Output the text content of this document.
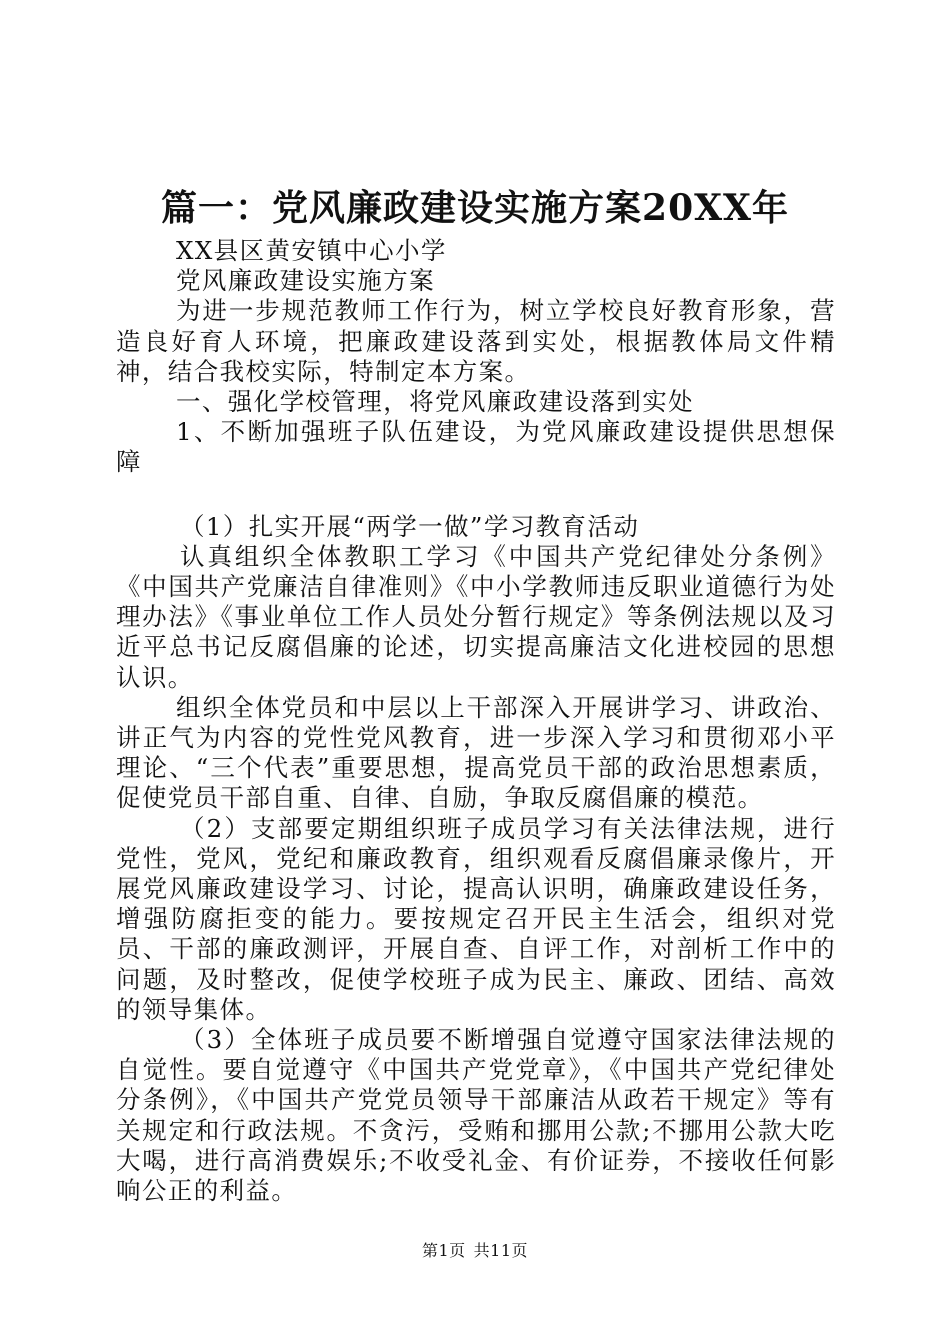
篇一：党风廉政建设实施方案20XX年

XX县区黄安镇中心小学

党风廉政建设实施方案

为进一步规范教师工作行为，树立学校良好教育形象，营造良好育人环境，把廉政建设落到实处，根据教体局文件精神，结合我校实际，特制定本方案。

一、强化学校管理，将党风廉政建设落到实处

1、不断加强班子队伍建设，为党风廉政建设提供思想保障

（1）扎实开展“两学一做”学习教育活动

认真组织全体教职工学习《中国共产党纪律处分条例》《中国共产党廉洁自律准则》《中小学教师违反职业道德行为处理办法》《事业单位工作人员处分暂行规定》等条例法规以及习近平总书记反腐倡廉的论述，切实提高廉洁文化进校园的思想认识。

组织全体党员和中层以上干部深入开展讲学习、讲政治、讲正气为内容的党性党风教育，进一步深入学习和贯彻邓小平理论、“三个代表”重要思想，提高党员干部的政治思想素质，促使党员干部自重、自律、自励，争取反腐倡廉的模范。

（2）支部要定期组织班子成员学习有关法律法规，进行党性，党风，党纪和廉政教育，组织观看反腐倡廉录像片，开展党风廉政建设学习、讨论，提高认识明，确廉政建设任务，增强防腐拒变的能力。要按规定召开民主生活会，组织对党员、干部的廉政测评，开展自查、自评工作，对剖析工作中的问题，及时整改，促使学校班子成为民主、廉政、团结、高效的领导集体。

（3）全体班子成员要不断增强自觉遵守国家法律法规的自觉性。要自觉遵守《中国共产党党章》，《中国共产党纪律处分条例》，《中国共产党党员领导干部廉洁从政若干规定》等有关规定和行政法规。不贪污，受贿和挪用公款;不挪用公款大吃大喝，进行高消费娱乐;不收受礼金、有价证券，不接收任何影响公正的利益。

第1页 共11页
